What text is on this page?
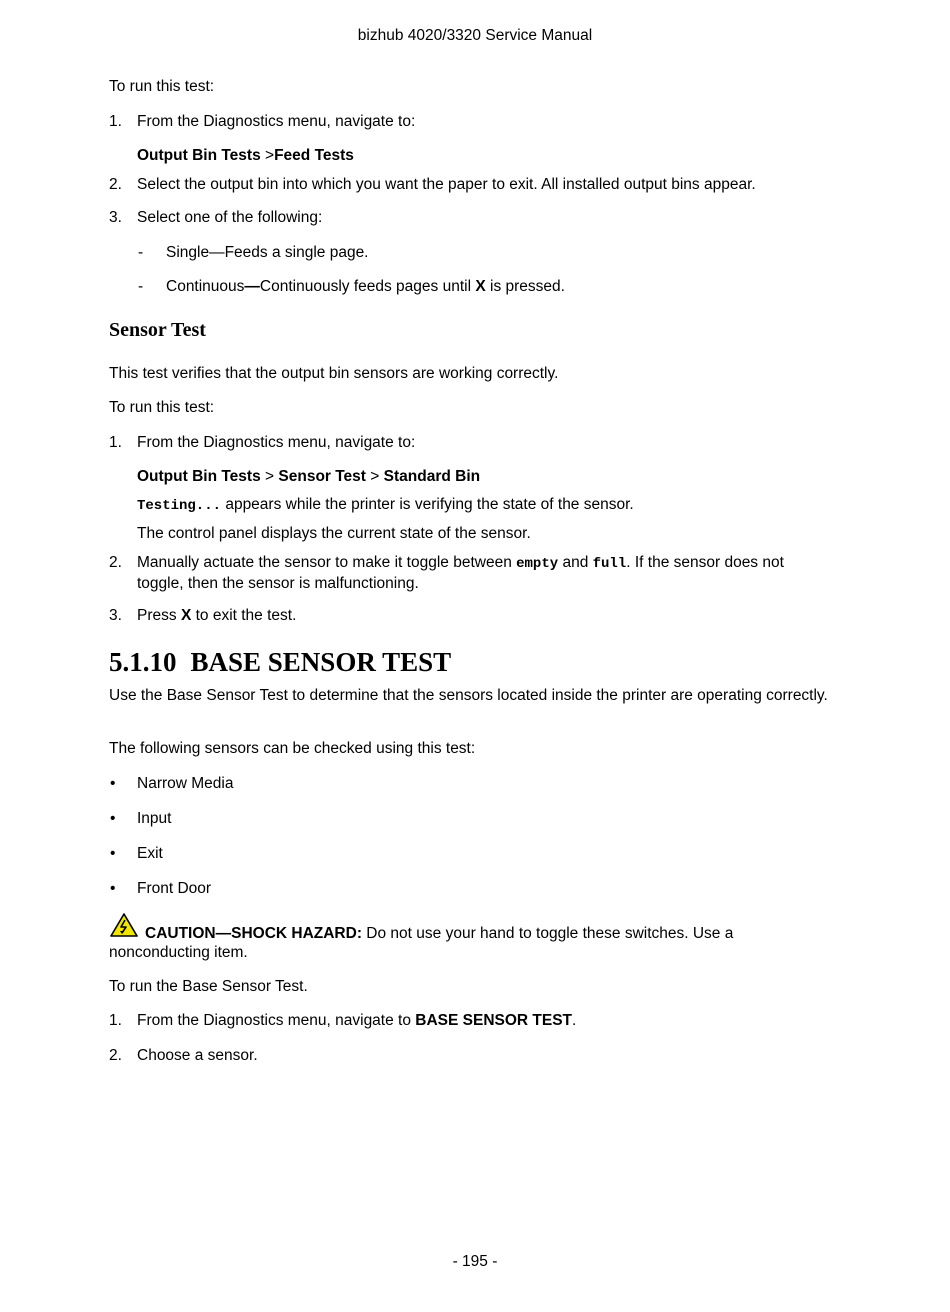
bizhub 4020/3320 Service Manual
To run this test:
1. From the Diagnostics menu, navigate to:
Output Bin Tests >Feed Tests
2. Select the output bin into which you want the paper to exit. All installed output bins appear.
3. Select one of the following:
- Single—Feeds a single page.
- Continuous—Continuously feeds pages until X is pressed.
Sensor Test
This test verifies that the output bin sensors are working correctly.
To run this test:
1. From the Diagnostics menu, navigate to:
Output Bin Tests > Sensor Test > Standard Bin
Testing... appears while the printer is verifying the state of the sensor.
The control panel displays the current state of the sensor.
2. Manually actuate the sensor to make it toggle between empty and full. If the sensor does not toggle, then the sensor is malfunctioning.
3. Press X to exit the test.
5.1.10 BASE SENSOR TEST
Use the Base Sensor Test to determine that the sensors located inside the printer are operating correctly.
The following sensors can be checked using this test:
• Narrow Media
• Input
• Exit
• Front Door
CAUTION—SHOCK HAZARD: Do not use your hand to toggle these switches. Use a nonconducting item.
To run the Base Sensor Test.
1. From the Diagnostics menu, navigate to BASE SENSOR TEST.
2. Choose a sensor.
- 195 -
